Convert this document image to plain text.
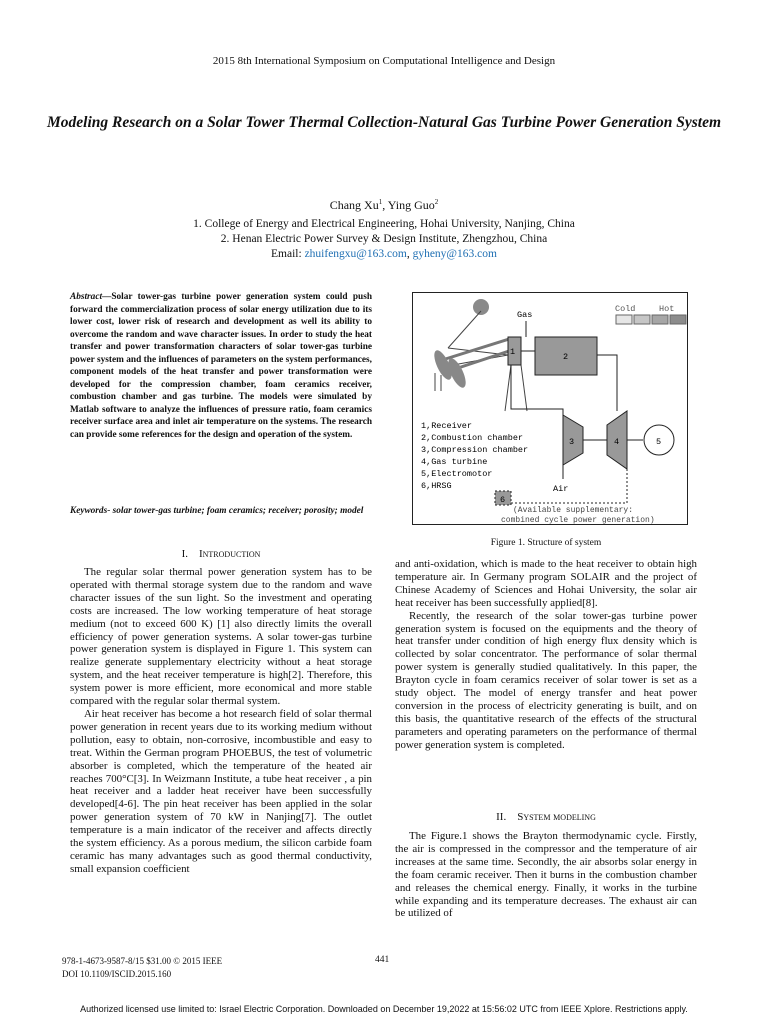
2015 8th International Symposium on Computational Intelligence and Design
Modeling Research on a Solar Tower Thermal Collection-Natural Gas Turbine Power Generation System
Chang Xu$^1$, Ying Guo$^2$
1. College of Energy and Electrical Engineering, Hohai University, Nanjing, China
2. Henan Electric Power Survey & Design Institute, Zhengzhou, China
Email: zhuifengxu@163.com, gyheny@163.com
Abstract—Solar tower-gas turbine power generation system could push forward the commercialization process of solar energy utilization due to its lower cost, lower risk of research and development as well its ability to overcome the random and wave character issues. In order to study the heat transfer and power transformation characters of solar tower-gas turbine power system and the influences of parameters on the system performances, component models of the heat transfer and power transformation were developed for the compression chamber, foam ceramics receiver, combustion chamber and gas turbine. The models were simulated by Matlab software to analyze the influences of pressure ratio, foam ceramics receiver surface area and inlet air temperature on the systems. The research can provide some references for the design and operation of the system.
Keywords- solar tower-gas turbine; foam ceramics; receiver; porosity; model
I. Introduction

The regular solar thermal power generation system has to be operated with thermal storage system due to the random and wave character issues of the sun light. So the investment and operating costs are increased. The low working temperature of heat storage medium (not to exceed 600 K) [1] also directly limits the overall efficiency of power generation systems. A solar tower-gas turbine power generation system is displayed in Figure 1. This system can realize generate supplementary electricity without a heat storage system, and the heat receiver temperature is high[2]. Therefore, this system power is more efficient, more economical and more stable compared with the regular solar thermal system.

Air heat receiver has become a hot research field of solar thermal power generation in recent years due to its working medium without pollution, easy to obtain, non-corrosive, incombustible and easy to treat. Within the German program PHOEBUS, the test of volumetric absorber is completed, which the temperature of the heated air reaches 700°C[3]. In Weizmann Institute, a tube heat receiver , a pin heat receiver and a ladder heat receiver have been successfully developed[4-6]. The pin heat receiver has been applied in the solar power generation system of 70 kW in Nanjing[7]. The outlet temperature is a main indicator of the receiver and affects directly the system efficiency. As a porous medium, the silicon carbide foam ceramic has many advantages such as good thermal conductivity, small expansion coefficient

1	2
Gas
Cold	Hot
3	4	5
Air
6
1,Receiver
2,Combustion chamber
3,Compression chamber
4,Gas turbine
5,Electromotor
6,HRSG
(Available supplementary:
combined cycle power generation)
Figure 1. Structure of system

and anti-oxidation, which is made to the heat receiver to obtain high temperature air. In Germany program SOLAIR and the project of Chinese Academy of Sciences and Hohai University, the solar air heat receiver has been successfully applied[8].

Recently, the research of the solar tower-gas turbine power generation system is focused on the equipments and the theory of heat transfer under condition of high energy flux density which is collected by solar concentrator. The performance of solar thermal power system is generally studied qualitatively. In this paper, the Brayton cycle in foam ceramics receiver of solar tower is set as a study object. The model of energy transfer and heat power conversion in the process of electricity generating is built, and on this basis, the quantitative research of the effects of the structural parameters and operating parameters on the performance of thermal power generation system is completed.

II. System modeling

The Figure.1 shows the Brayton thermodynamic cycle. Firstly, the air is compressed in the compressor and the temperature of air increases at the same time. Secondly, the air absorbs solar energy in the foam ceramic receiver. Then it burns in the combustion chamber and releases the chemical energy. Finally, it works in the turbine while expanding and its temperature decreases. The exhaust air can be utilized of

978-1-4673-9587-8/15 $31.00 © 2015 IEEE
DOI 10.1109/ISCID.2015.160
441
Authorized licensed use limited to: Israel Electric Corporation. Downloaded on December 19,2022 at 15:56:02 UTC from IEEE Xplore. Restrictions apply.
